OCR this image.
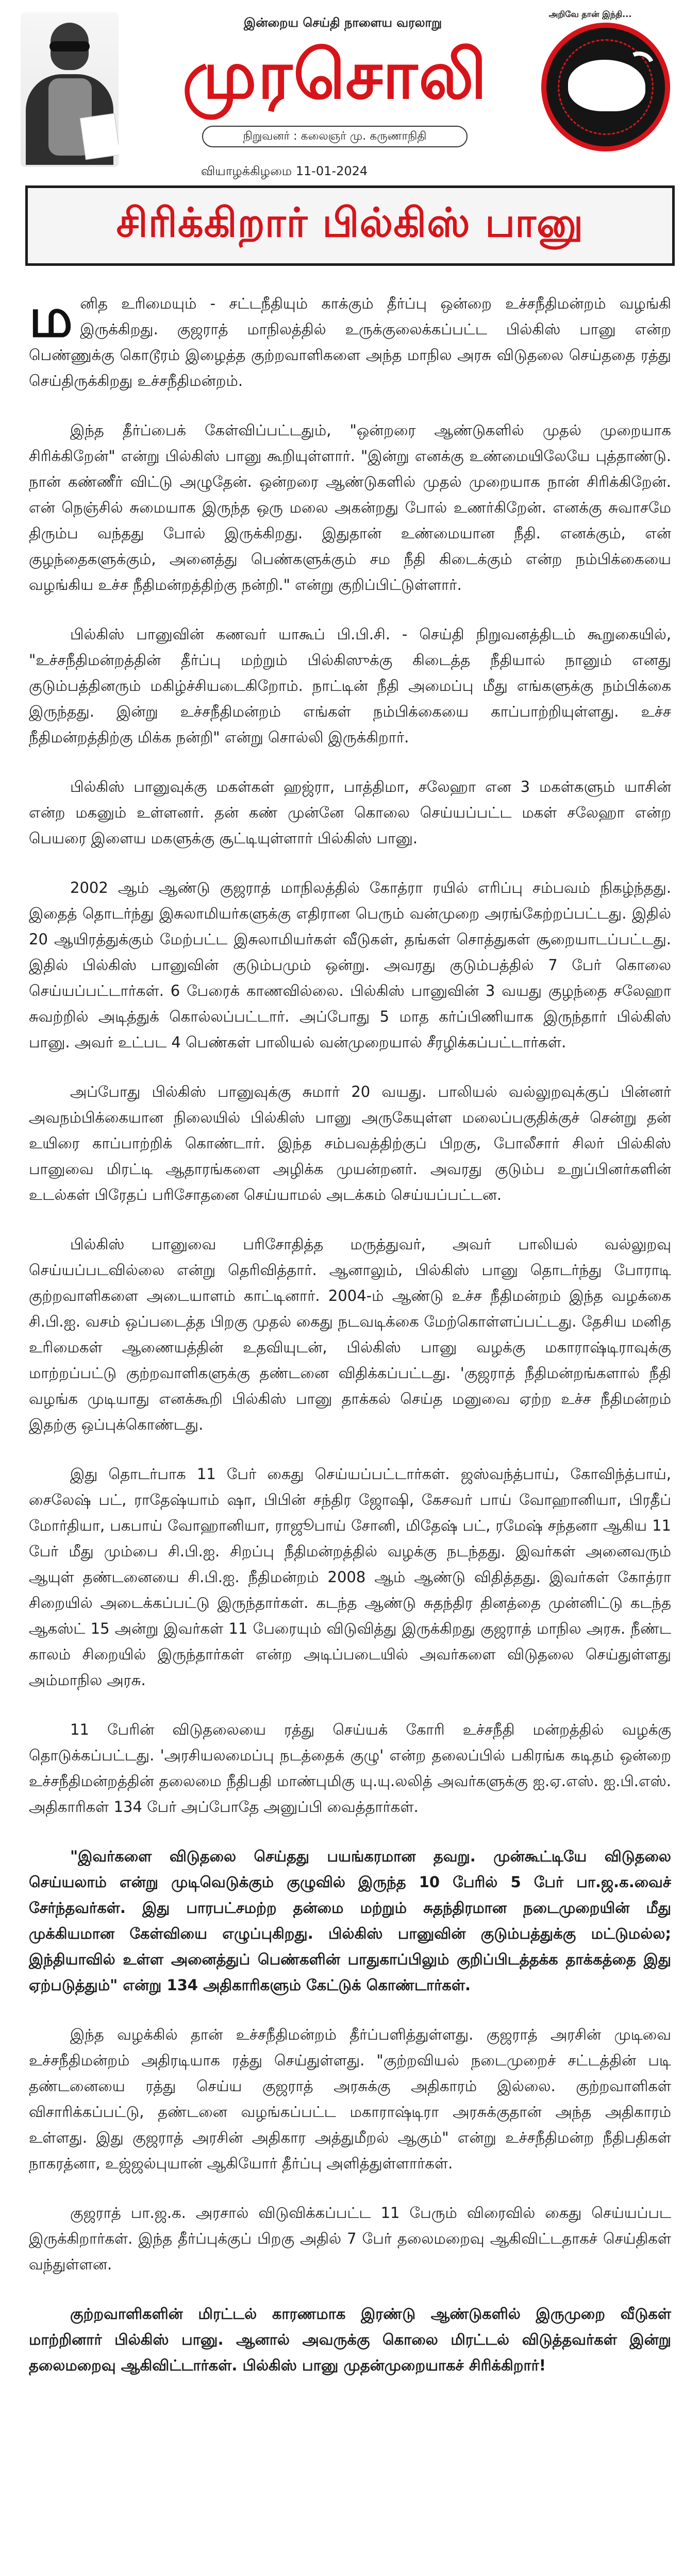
இன்றைய செய்தி நாளைய வரலாறு
முரசொலி
நிறுவனர் : கலைஞர் மு. கருணாநிதி
அறிவே தான் இந்தி...
வியாழக்கிழமை 11-01-2024
சிரிக்கிறார் பில்கிஸ் பானு

மனித உரிமையும் - சட்டநீதியும் காக்கும் தீர்ப்பு ஒன்றை உச்சநீதிமன்றம் வழங்கி இருக்கிறது. குஜராத் மாநிலத்தில் உருக்குலைக்கப்பட்ட பில்கிஸ் பானு என்ற பெண்ணுக்கு கொடூரம் இழைத்த குற்றவாளிகளை அந்த மாநில அரசு விடுதலை செய்ததை ரத்து செய்திருக்கிறது உச்சநீதிமன்றம்.

இந்த தீர்ப்பைக் கேள்விப்பட்டதும், "ஒன்றரை ஆண்டுகளில் முதல் முறையாக சிரிக்கிறேன்" என்று பில்கிஸ் பானு கூறியுள்ளார். "இன்று எனக்கு உண்மையிலேயே புத்தாண்டு. நான் கண்ணீர் விட்டு அழுதேன். ஒன்றரை ஆண்டுகளில் முதல் முறையாக நான் சிரிக்கிறேன். என் நெஞ்சில் சுமையாக இருந்த ஒரு மலை அகன்றது போல் உணர்கிறேன். எனக்கு சுவாசமே திரும்ப வந்தது போல் இருக்கிறது. இதுதான் உண்மையான நீதி. எனக்கும், என் குழந்தைகளுக்கும், அனைத்து பெண்களுக்கும் சம நீதி கிடைக்கும் என்ற நம்பிக்கையை வழங்கிய உச்ச நீதிமன்றத்திற்கு நன்றி." என்று குறிப்பிட்டுள்ளார்.

பில்கிஸ் பானுவின் கணவர் யாகூப் பி.பி.சி. - செய்தி நிறுவனத்திடம் கூறுகையில், "உச்சநீதிமன்றத்தின் தீர்ப்பு மற்றும் பில்கிஸுக்கு கிடைத்த நீதியால் நானும் எனது குடும்பத்தினரும் மகிழ்ச்சியடைகிறோம். நாட்டின் நீதி அமைப்பு மீது எங்களுக்கு நம்பிக்கை இருந்தது. இன்று உச்சநீதிமன்றம் எங்கள் நம்பிக்கையை காப்பாற்றியுள்ளது. உச்ச நீதிமன்றத்திற்கு மிக்க நன்றி" என்று சொல்லி இருக்கிறார்.

பில்கிஸ் பானுவுக்கு மகள்கள் ஹஜ்ரா, பாத்திமா, சலேஹா என 3 மகள்களும் யாசின் என்ற மகனும் உள்ளனர். தன் கண் முன்னே கொலை செய்யப்பட்ட மகள் சலேஹா என்ற பெயரை இளைய மகளுக்கு சூட்டியுள்ளார் பில்கிஸ் பானு.

2002 ஆம் ஆண்டு குஜராத் மாநிலத்தில் கோத்ரா ரயில் எரிப்பு சம்பவம் நிகழ்ந்தது. இதைத் தொடர்ந்து இசுலாமியர்களுக்கு எதிரான பெரும் வன்முறை அரங்கேற்றப்பட்டது. இதில் 20 ஆயிரத்துக்கும் மேற்பட்ட இசுலாமியர்கள் வீடுகள், தங்கள் சொத்துகள் சூறையாடப்பட்டது. இதில் பில்கிஸ் பானுவின் குடும்பமும் ஒன்று. அவரது குடும்பத்தில் 7 பேர் கொலை செய்யப்பட்டார்கள். 6 பேரைக் காணவில்லை. பில்கிஸ் பானுவின் 3 வயது குழந்தை சலேஹா சுவற்றில் அடித்துக் கொல்லப்பட்டார். அப்போது 5 மாத கர்ப்பிணியாக இருந்தார் பில்கிஸ் பானு. அவர் உட்பட 4 பெண்கள் பாலியல் வன்முறையால் சீரழிக்கப்பட்டார்கள்.

அப்போது பில்கிஸ் பானுவுக்கு சுமார் 20 வயது. பாலியல் வல்லுறவுக்குப் பின்னர் அவநம்பிக்கையான நிலையில் பில்கிஸ் பானு அருகேயுள்ள மலைப்பகுதிக்குச் சென்று தன் உயிரை காப்பாற்றிக் கொண்டார். இந்த சம்பவத்திற்குப் பிறகு, போலீசார் சிலர் பில்கிஸ் பானுவை மிரட்டி ஆதாரங்களை அழிக்க முயன்றனர். அவரது குடும்ப உறுப்பினர்களின் உடல்கள் பிரேதப் பரிசோதனை செய்யாமல் அடக்கம் செய்யப்பட்டன.

பில்கிஸ் பானுவை பரிசோதித்த மருத்துவர், அவர் பாலியல் வல்லுறவு செய்யப்படவில்லை என்று தெரிவித்தார். ஆனாலும், பில்கிஸ் பானு தொடர்ந்து போராடி குற்றவாளிகளை அடையாளம் காட்டினார். 2004-ம் ஆண்டு உச்ச நீதிமன்றம் இந்த வழக்கை சி.பி.ஐ. வசம் ஒப்படைத்த பிறகு முதல் கைது நடவடிக்கை மேற்கொள்ளப்பட்டது. தேசிய மனித உரிமைகள் ஆணையத்தின் உதவியுடன், பில்கிஸ் பானு வழக்கு மகாராஷ்டிராவுக்கு மாற்றப்பட்டு குற்றவாளிகளுக்கு தண்டனை விதிக்கப்பட்டது. 'குஜராத் நீதிமன்றங்களால் நீதி வழங்க முடியாது எனக்கூறி பில்கிஸ் பானு தாக்கல் செய்த மனுவை ஏற்ற உச்ச நீதிமன்றம் இதற்கு ஒப்புக்கொண்டது.

இது தொடர்பாக 11 பேர் கைது செய்யப்பட்டார்கள். ஜஸ்வந்த்பாய், கோவிந்த்பாய், சைலேஷ் பட், ராதேஷ்யாம் ஷா, பிபின் சந்திர ஜோஷி, கேசவர் பாய் வோஹானியா, பிரதீப் மோர்தியா, பகபாய் வோஹானியா, ராஜூபாய் சோனி, மிதேஷ் பட், ரமேஷ் சந்தனா ஆகிய 11 பேர் மீது மும்பை சி.பி.ஐ. சிறப்பு நீதிமன்றத்தில் வழக்கு நடந்தது. இவர்கள் அனைவரும் ஆயுள் தண்டனையை சி.பி.ஐ. நீதிமன்றம் 2008 ஆம் ஆண்டு விதித்தது. இவர்கள் கோத்ரா சிறையில் அடைக்கப்பட்டு இருந்தார்கள். கடந்த ஆண்டு சுதந்திர தினத்தை முன்னிட்டு கடந்த ஆகஸ்ட் 15 அன்று இவர்கள் 11 பேரையும் விடுவித்து இருக்கிறது குஜராத் மாநில அரசு. நீண்ட காலம் சிறையில் இருந்தார்கள் என்ற அடிப்படையில் அவர்களை விடுதலை செய்துள்ளது அம்மாநில அரசு.

11 பேரின் விடுதலையை ரத்து செய்யக் கோரி உச்சநீதி மன்றத்தில் வழக்கு தொடுக்கப்பட்டது. 'அரசியலமைப்பு நடத்தைக் குழு' என்ற தலைப்பில் பகிரங்க கடிதம் ஒன்றை உச்சநீதிமன்றத்தின் தலைமை நீதிபதி மாண்புமிகு யு.யு.லலித் அவர்களுக்கு ஐ.ஏ.எஸ். ஐ.பி.எஸ். அதிகாரிகள் 134 பேர் அப்போதே அனுப்பி வைத்தார்கள்.

"இவர்களை விடுதலை செய்தது பயங்கரமான தவறு. முன்கூட்டியே விடுதலை செய்யலாம் என்று முடிவெடுக்கும் குழுவில் இருந்த 10 பேரில் 5 பேர் பா.ஜ.க.வைச் சேர்ந்தவர்கள். இது பாரபட்சமற்ற தன்மை மற்றும் சுதந்திரமான நடைமுறையின் மீது முக்கியமான கேள்வியை எழுப்புகிறது. பில்கிஸ் பானுவின் குடும்பத்துக்கு மட்டுமல்ல; இந்தியாவில் உள்ள அனைத்துப் பெண்களின் பாதுகாப்பிலும் குறிப்பிடத்தக்க தாக்கத்தை இது ஏற்படுத்தும்" என்று 134 அதிகாரிகளும் கேட்டுக் கொண்டார்கள்.

இந்த வழக்கில் தான் உச்சநீதிமன்றம் தீர்ப்பளித்துள்ளது. குஜராத் அரசின் முடிவை உச்சநீதிமன்றம் அதிரடியாக ரத்து செய்துள்ளது. "குற்றவியல் நடைமுறைச் சட்டத்தின் படி தண்டனையை ரத்து செய்ய குஜராத் அரசுக்கு அதிகாரம் இல்லை. குற்றவாளிகள் விசாரிக்கப்பட்டு, தண்டனை வழங்கப்பட்ட மகாராஷ்டிரா அரசுக்குதான் அந்த அதிகாரம் உள்ளது. இது குஜராத் அரசின் அதிகார அத்துமீறல் ஆகும்" என்று உச்சநீதிமன்ற நீதிபதிகள் நாகரத்னா, உஜ்ஜல்புயான் ஆகியோர் தீர்ப்பு அளித்துள்ளார்கள்.

குஜராத் பா.ஜ.க. அரசால் விடுவிக்கப்பட்ட 11 பேரும் விரைவில் கைது செய்யப்பட இருக்கிறார்கள். இந்த தீர்ப்புக்குப் பிறகு அதில் 7 பேர் தலைமறைவு ஆகிவிட்டதாகச் செய்திகள் வந்துள்ளன.

குற்றவாளிகளின் மிரட்டல் காரணமாக இரண்டு ஆண்டுகளில் இருமுறை வீடுகள் மாற்றினார் பில்கிஸ் பானு. ஆனால் அவருக்கு கொலை மிரட்டல் விடுத்தவர்கள் இன்று தலைமறைவு ஆகிவிட்டார்கள். பில்கிஸ் பானு முதன்முறையாகச் சிரிக்கிறார்!
